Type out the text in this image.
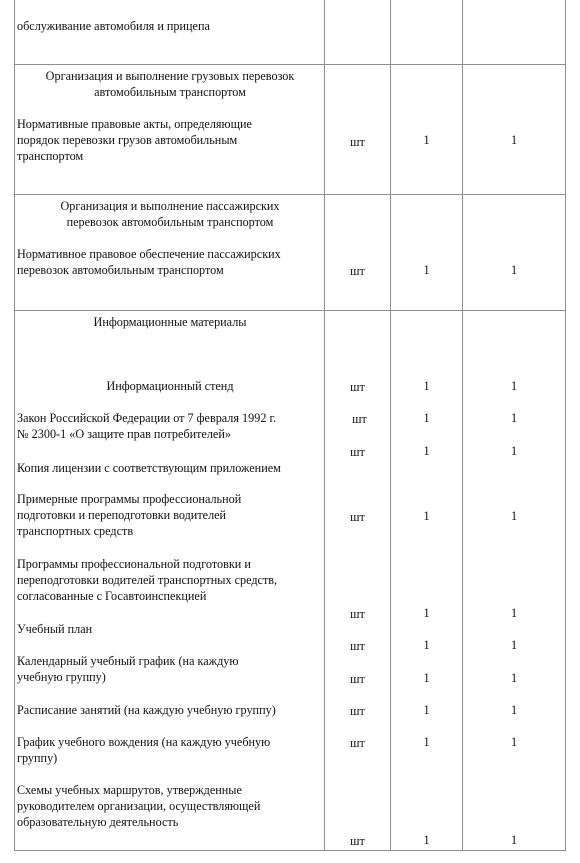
обслуживание автомобиля и прицепа
Организация и выполнение грузовых перевозок
автомобильным транспортом
Нормативные правовые акты, определяющие
порядок перевозки грузов автомобильным
транспортом
шт	1	1
Организация и выполнение пассажирских
перевозок автомобильным транспортом
Нормативное правовое обеспечение пассажирских
перевозок автомобильным транспортом	шт	1	1
Информационные материалы
Информационный стенд	шт	1	1
Закон Российской Федерации от 7 февраля 1992 г.
№ 2300-1 «О защите прав потребителей»
шт	1	1
Копия лицензии с соответствующим приложением
шт	1	1
Примерные программы профессиональной
подготовки и переподготовки водителей
транспортных средств
шт	1	1
Программы профессиональной подготовки и
переподготовки водителей транспортных средств,
согласованные с Госавтоинспекцией
шт	1	1
Учебный план
шт	1	1
Календарный учебный график (на каждую
учебную группу)	шт	1	1
Расписание занятий (на каждую учебную группу)	шт	1	1
График учебного вождения (на каждую учебную
группу)
шт	1	1
Схемы учебных маршрутов, утвержденные
руководителем организации, осуществляющей
образовательную деятельность
шт	1	1
